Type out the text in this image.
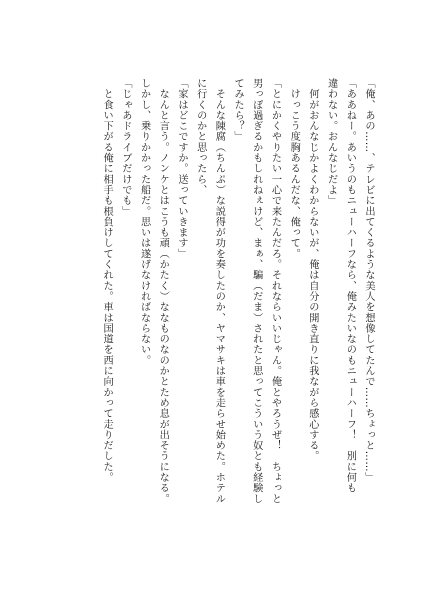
「俺、あの……、テレビに出てくるような美人を想像してたんで……ちょっと……」
「ああねー。あいうのもニューハーフなら、俺みたいなのもニューハーフ！　別に何も
違わない。おんなじだよ」
　何がおんなじかよくわからないが、俺は自分の開き直りに我ながら感心する。
　けっこう度胸あるんだな、俺って。
「とにかくやりたい一心で来たんだろ。それならいいじゃん。俺とやろうぜ！　ちょっと
男っぽ過ぎるかもしれねぇけど、まぁ、騙（だま）されたと思ってこういう奴とも経験し
てみたら？」
　そんな陳腐（ちんぷ）な説得が功を奏したのか、ヤマサキは車を走らせ始めた。ホテル
に行くのかと思ったら、
「家はどこですか。送っていきます」
　なんと言う。ノンケとはこうも頑（かたく）ななものなのかとため息が出そうになる。
しかし、乗りかかった船だ。思いは遂げなければならない。
「じゃあドライブだけでも」
　と食い下がる俺に相手も根負けしてくれた。車は国道を西に向かって走りだした。
